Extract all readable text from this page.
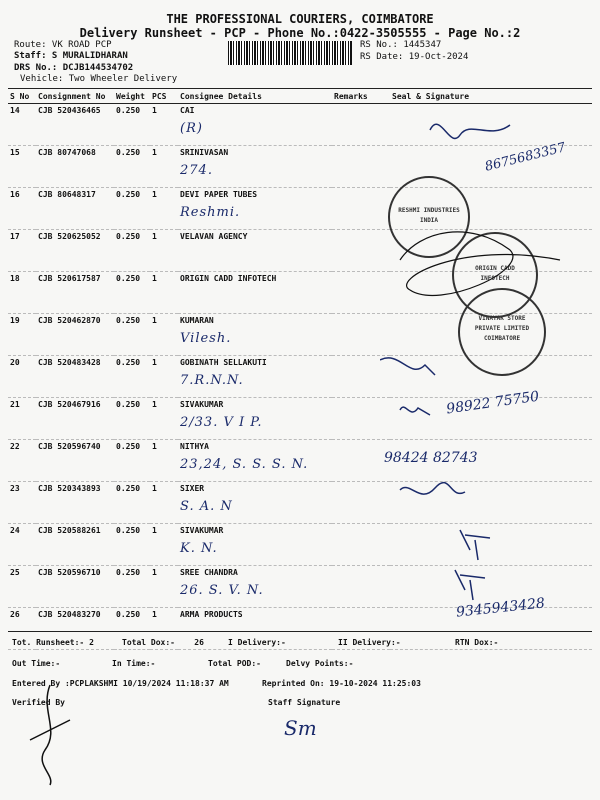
THE PROFESSIONAL COURIERS, COIMBATORE
Delivery Runsheet - PCP - Phone No.:0422-3505555 - Page No.:2
Route: VK ROAD PCP
Staff: S MURALIDHARAN
DRS No.: DCJB144534702
Vehicle: Two Wheeler Delivery
RS No.: 1445347
RS Date: 19-Oct-2024
S No	Consignment No	Weight	PCS	Consignee Details	Remarks	Seal & Signature
14	CJB 520436465	0.250	1	CAI
(R)		

15	CJB 80747068	0.250	1	SRINIVASAN
274.		

16	CJB 80648317	0.250	1	DEVI PAPER TUBES
Reshmi.		

17	CJB 520625052	0.250	1	VELAVAN AGENCY

18	CJB 520617587	0.250	1	ORIGIN CADD INFOTECH

19	CJB 520462870	0.250	1	KUMARAN
Vilesh.		

20	CJB 520483428	0.250	1	GOBINATH SELLAKUTI
7.R.N.N.		

21	CJB 520467916	0.250	1	SIVAKUMAR
2/33. V I P.		

22	CJB 520596740	0.250	1	NITHYA
23,24, S. S. S. N.		

23	CJB 520343893	0.250	1	SIXER
S. A. N		

24	CJB 520588261	0.250	1	SIVAKUMAR
K. N.		

25	CJB 520596710	0.250	1	SREE CHANDRA
26. S. V. N.		

26	CJB 520483270	0.250	1	ARMA PRODUCTS

8675683357
98922 75750
98424 82743
9345943428
RESHMI INDUSTRIES INDIA
ORIGIN CADD INFOTECH
VINAYAK STORE PRIVATE LIMITED COIMBATORE
Tot. Runsheet:- 2	Total Dox:-    26	I Delivery:-	II Delivery:-	RTN Dox:-
Out Time:-	In Time:-	Total POD:-	Delvy Points:-
Entered By :PCPLAKSHMI 10/19/2024 11:18:37 AM	Reprinted On: 19-10-2024 11:25:03
Verified By	Staff Signature
Sm
